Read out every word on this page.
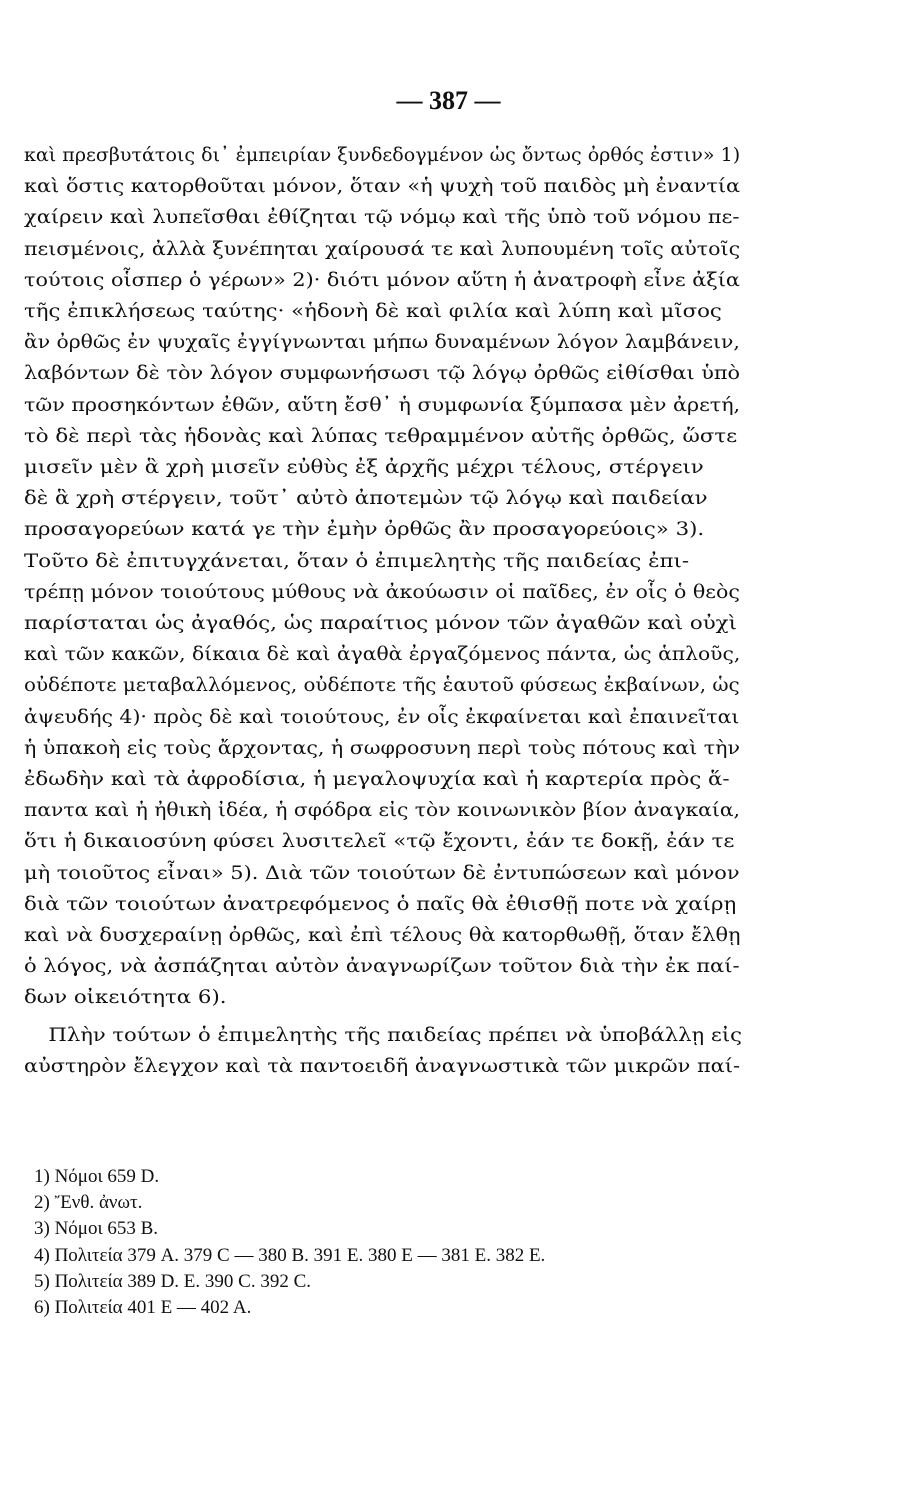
— 387 —
καὶ πρεσβυτάτοις δι᾽ ἐμπειρίαν ξυνδεδογμένον ὡς ὄντως ὀρθός ἐστιν» 1)
καὶ ὅστις κατορθοῦται μόνον, ὅταν «ἡ ψυχὴ τοῦ παιδὸς μὴ ἐναντία
χαίρειν καὶ λυπεῖσθαι ἐθίζηται τῷ νόμῳ καὶ τῆς ὑπὸ τοῦ νόμου πε-
πεισμένοις, ἀλλὰ ξυνέπηται χαίρουσά τε καὶ λυπουμένη τοῖς αὐτοῖς
τούτοις οἷσπερ ὁ γέρων» 2)· διότι μόνον αὕτη ἡ ἀνατροφὴ εἶνε ἀξία
τῆς ἐπικλήσεως ταύτης· «ἡδονὴ δὲ καὶ φιλία καὶ λύπη καὶ μῖσος
ἂν ὀρθῶς ἐν ψυχαῖς ἐγγίγνωνται μήπω δυναμένων λόγον λαμβάνειν,
λαβόντων δὲ τὸν λόγον συμφωνήσωσι τῷ λόγῳ ὀρθῶς εἰθίσθαι ὑπὸ
τῶν προσηκόντων ἐθῶν, αὕτη ἔσθ᾽ ἡ συμφωνία ξύμπασα μὲν ἀρετή,
τὸ δὲ περὶ τὰς ἡδονὰς καὶ λύπας τεθραμμένον αὐτῆς ὀρθῶς, ὥστε
μισεῖν μὲν ἃ χρὴ μισεῖν εὐθὺς ἐξ ἀρχῆς μέχρι τέλους, στέργειν
δὲ ἃ χρὴ στέργειν, τοῦτ᾽ αὐτὸ ἀποτεμὼν τῷ λόγῳ καὶ παιδείαν
προσαγορεύων κατά γε τὴν ἐμὴν ὀρθῶς ἂν προσαγορεύοις» 3).
Τοῦτο δὲ ἐπιτυγχάνεται, ὅταν ὁ ἐπιμελητὴς τῆς παιδείας ἐπι-
τρέπῃ μόνον τοιούτους μύθους νὰ ἀκούωσιν οἱ παῖδες, ἐν οἷς ὁ θεὸς
παρίσταται ὡς ἀγαθός, ὡς παραίτιος μόνον τῶν ἀγαθῶν καὶ οὐχὶ
καὶ τῶν κακῶν, δίκαια δὲ καὶ ἀγαθὰ ἐργαζόμενος πάντα, ὡς ἁπλοῦς,
οὐδέποτε μεταβαλλόμενος, οὐδέποτε τῆς ἑαυτοῦ φύσεως ἐκβαίνων, ὡς
ἀψευδής 4)· πρὸς δὲ καὶ τοιούτους, ἐν οἷς ἐκφαίνεται καὶ ἐπαινεῖται
ἡ ὑπακοὴ εἰς τοὺς ἄρχοντας, ἡ σωφροσυνη περὶ τοὺς πότους καὶ τὴν
ἐδωδὴν καὶ τὰ ἀφροδίσια, ἡ μεγαλοψυχία καὶ ἡ καρτερία πρὸς ἅ-
παντα καὶ ἡ ἠθικὴ ἰδέα, ἡ σφόδρα εἰς τὸν κοινωνικὸν βίον ἀναγκαία,
ὅτι ἡ δικαιοσύνη φύσει λυσιτελεῖ «τῷ ἔχοντι, ἐάν τε δοκῇ, ἐάν τε
μὴ τοιοῦτος εἶναι» 5). Διὰ τῶν τοιούτων δὲ ἐντυπώσεων καὶ μόνον
διὰ τῶν τοιούτων ἀνατρεφόμενος ὁ παῖς θὰ ἐθισθῇ ποτε νὰ χαίρῃ
καὶ νὰ δυσχεραίνῃ ὀρθῶς, καὶ ἐπὶ τέλους θὰ κατορθωθῇ, ὅταν ἔλθῃ
ὁ λόγος, νὰ ἀσπάζηται αὐτὸν ἀναγνωρίζων τοῦτον διὰ τὴν ἐκ παί-
δων οἰκειότητα 6).
Πλὴν τούτων ὁ ἐπιμελητὴς τῆς παιδείας πρέπει νὰ ὑποβάλλῃ εἰς
αὐστηρὸν ἔλεγχον καὶ τὰ παντοειδῆ ἀναγνωστικὰ τῶν μικρῶν παί-
1) Νόμοι 659 D.
2) Ἔνθ. ἀνωτ.
3) Νόμοι 653 B.
4) Πολιτεία 379 A. 379 C — 380 B. 391 E. 380 E — 381 E. 382 E.
5) Πολιτεία 389 D. E. 390 C. 392 C.
6) Πολιτεία 401 E — 402 A.
